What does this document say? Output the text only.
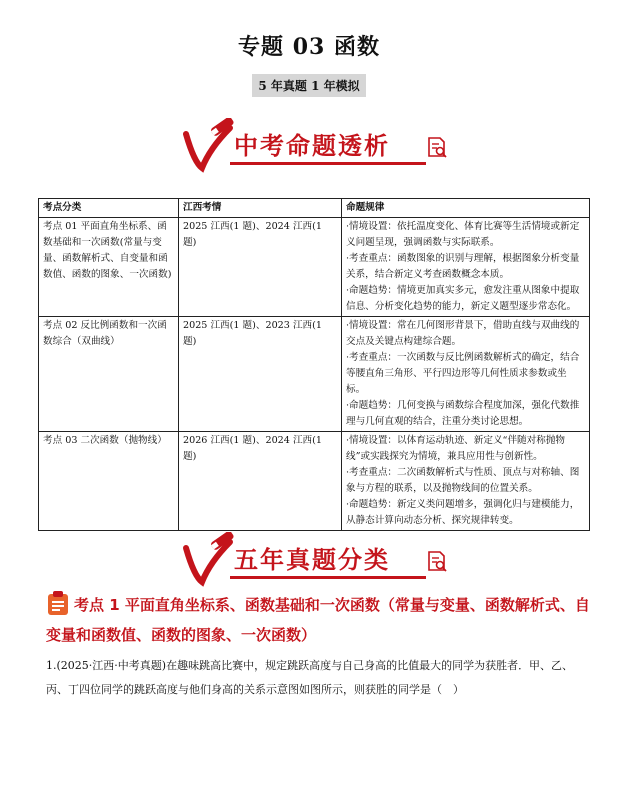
专题 03 函数
5 年真题 1 年模拟
中考命题透析
考点分类	江西考情	命题规律
考点 01 平面直角坐标系、函数基础和一次函数(常量与变量、函数解析式、自变量和函数值、函数的图象、一次函数)	2025 江西(1 题)、2024 江西(1 题)	·情境设置：依托温度变化、体育比赛等生活情境或新定义问题呈现，强调函数与实际联系。
·考查重点：函数图象的识别与理解，根据图象分析变量关系，结合新定义考查函数概念本质。
·命题趋势：情境更加真实多元，愈发注重从图象中提取信息、分析变化趋势的能力，新定义题型逐步常态化。

考点 02 反比例函数和一次函数综合（双曲线）	2025 江西(1 题)、2023 江西(1 题)	·情境设置：常在几何图形背景下，借助直线与双曲线的交点及关键点构建综合题。
·考查重点：一次函数与反比例函数解析式的确定，结合等腰直角三角形、平行四边形等几何性质求参数或坐标。
·命题趋势：几何变换与函数综合程度加深，强化代数推理与几何直观的结合，注重分类讨论思想。

考点 03 二次函数（抛物线）	2026 江西(1 题)、2024 江西(1 题)	·情境设置：以体育运动轨迹、新定义“伴随对称抛物线”或实践探究为情境，兼具应用性与创新性。
·考查重点：二次函数解析式与性质、顶点与对称轴、图象与方程的联系，以及抛物线间的位置关系。
·命题趋势：新定义类问题增多，强调化归与建模能力，从静态计算向动态分析、探究规律转变。
五年真题分类
考点 1 平面直角坐标系、函数基础和一次函数（常量与变量、函数解析式、自变量和函数值、函数的图象、一次函数）
1.(2025·江西·中考真题)在趣味跳高比赛中，规定跳跃高度与自己身高的比值最大的同学为获胜者．甲、乙、丙、丁四位同学的跳跃高度与他们身高的关系示意图如图所示，则获胜的同学是（　）
